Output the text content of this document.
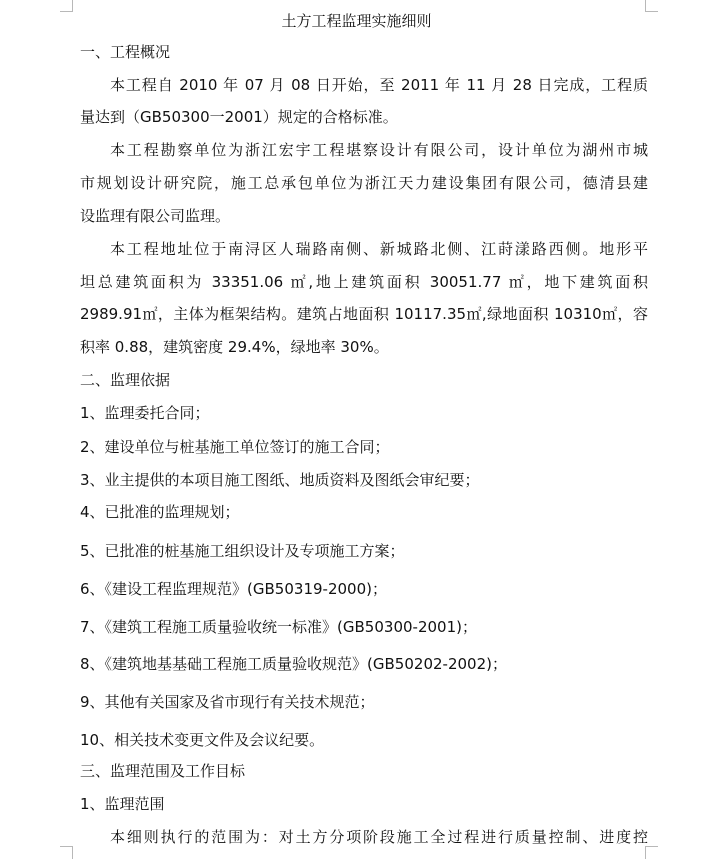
土方工程监理实施细则
一、工程概况
本工程自 2010 年 07 月 08 日开始，至 2011 年 11 月 28 日完成，工程质
量达到（GB50300一2001）规定的合格标准。
本工程勘察单位为浙江宏宇工程堪察设计有限公司，设计单位为湖州市城
市规划设计研究院，施工总承包单位为浙江天力建设集团有限公司，德清县建
设监理有限公司监理。
本工程地址位于南浔区人瑞路南侧、新城路北侧、江莳漾路西侧。地形平
坦总建筑面积为 33351.06 ㎡,地上建筑面积 30051.77 ㎡，地下建筑面积
2989.91㎡，主体为框架结构。建筑占地面积 10117.35㎡,绿地面积 10310㎡，容
积率 0.88，建筑密度 29.4%，绿地率 30%。
二、监理依据
1、监理委托合同；
2、建设单位与桩基施工单位签订的施工合同；
3、业主提供的本项目施工图纸、地质资料及图纸会审纪要；
4、已批准的监理规划；
5、已批准的桩基施工组织设计及专项施工方案；
6、《建设工程监理规范》(GB50319-2000)；
7、《建筑工程施工质量验收统一标准》(GB50300-2001)；
8、《建筑地基基础工程施工质量验收规范》(GB50202-2002)；
9、其他有关国家及省市现行有关技术规范；
10、相关技术变更文件及会议纪要。
三、监理范围及工作目标
1、监理范围
本细则执行的范围为：对土方分项阶段施工全过程进行质量控制、进度控
